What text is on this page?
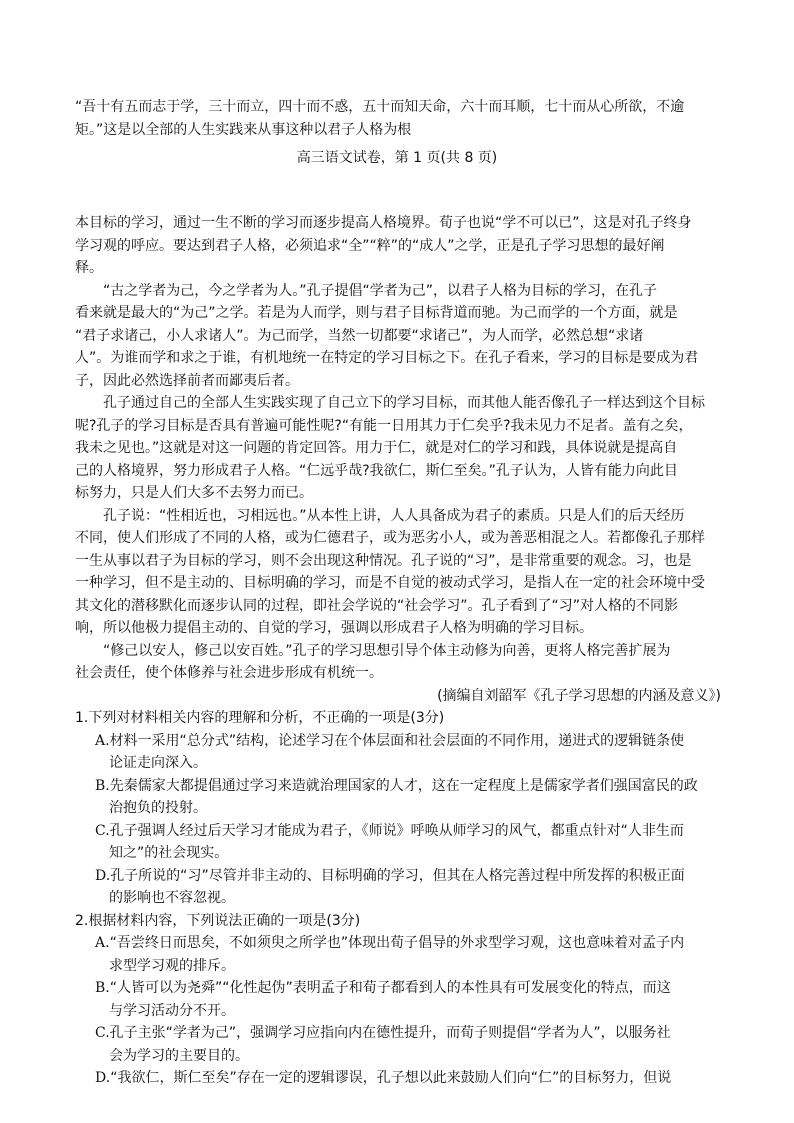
“吾十有五而志于学，三十而立，四十而不惑，五十而知天命，六十而耳顺，七十而从心所欲，不逾

矩。”这是以全部的人生实践来从事这种以君子人格为根

高三语文试卷，第 1 页(共 8 页)

本目标的学习，通过一生不断的学习而逐步提高人格境界。荀子也说“学不可以已”，这是对孔子终身

学习观的呼应。要达到君子人格，必须追求“全”“粹”的“成人”之学，正是孔子学习思想的最好阐

释。

“古之学者为己，今之学者为人。”孔子提倡“学者为己”，以君子人格为目标的学习，在孔子

看来就是最大的“为己”之学。若是为人而学，则与君子目标背道而驰。为己而学的一个方面，就是

“君子求诸己，小人求诸人”。为己而学，当然一切都要“求诸己”，为人而学，必然总想“求诸

人”。为谁而学和求之于谁，有机地统一在特定的学习目标之下。在孔子看来，学习的目标是要成为君

子，因此必然选择前者而鄙夷后者。

孔子通过自己的全部人生实践实现了自己立下的学习目标，而其他人能否像孔子一样达到这个目标

呢?孔子的学习目标是否具有普遍可能性呢?“有能一日用其力于仁矣乎?我未见力不足者。盖有之矣，

我未之见也。”这就是对这一问题的肯定回答。用力于仁，就是对仁的学习和践，具体说就是提高自

己的人格境界，努力形成君子人格。“仁远乎哉?我欲仁，斯仁至矣。”孔子认为，人皆有能力向此目

标努力，只是人们大多不去努力而已。

孔子说：“性相近也，习相远也。”从本性上讲，人人具备成为君子的素质。只是人们的后天经历

不同，使人们形成了不同的人格，或为仁德君子，或为恶劣小人，或为善恶相混之人。若都像孔子那样

一生从事以君子为目标的学习，则不会出现这种情况。孔子说的“习”，是非常重要的观念。习，也是

一种学习，但不是主动的、目标明确的学习，而是不自觉的被动式学习，是指人在一定的社会环境中受

其文化的潜移默化而逐步认同的过程，即社会学说的“社会学习”。孔子看到了“习”对人格的不同影

响，所以他极力提倡主动的、自觉的学习，强调以形成君子人格为明确的学习目标。

“修己以安人，修己以安百姓。”孔子的学习思想引导个体主动修为向善，更将人格完善扩展为

社会责任，使个体修养与社会进步形成有机统一。

(摘编自刘韶军《孔子学习思想的内涵及意义》)

1.下列对材料相关内容的理解和分析，不正确的一项是(3分)

A.材料一采用“总分式”结构，论述学习在个体层面和社会层面的不同作用，递进式的逻辑链条使

论证走向深入。

B.先秦儒家大都提倡通过学习来造就治理国家的人才，这在一定程度上是儒家学者们强国富民的政

治抱负的投射。

C.孔子强调人经过后天学习才能成为君子，《师说》呼唤从师学习的风气，都重点针对“人非生而

知之”的社会现实。

D.孔子所说的“习”尽管并非主动的、目标明确的学习，但其在人格完善过程中所发挥的积极正面

的影响也不容忽视。

2.根据材料内容，下列说法正确的一项是(3分)

A.“吾尝终日而思矣，不如须臾之所学也”体现出荀子倡导的外求型学习观，这也意味着对孟子内

求型学习观的排斥。

B.“人皆可以为尧舜”“化性起伪”表明孟子和荀子都看到人的本性具有可发展变化的特点，而这

与学习活动分不开。

C.孔子主张“学者为己”，强调学习应指向内在德性提升，而荀子则提倡“学者为人”，以服务社

会为学习的主要目的。

D.“我欲仁，斯仁至矣”存在一定的逻辑谬误，孔子想以此来鼓励人们向“仁”的目标努力，但说
